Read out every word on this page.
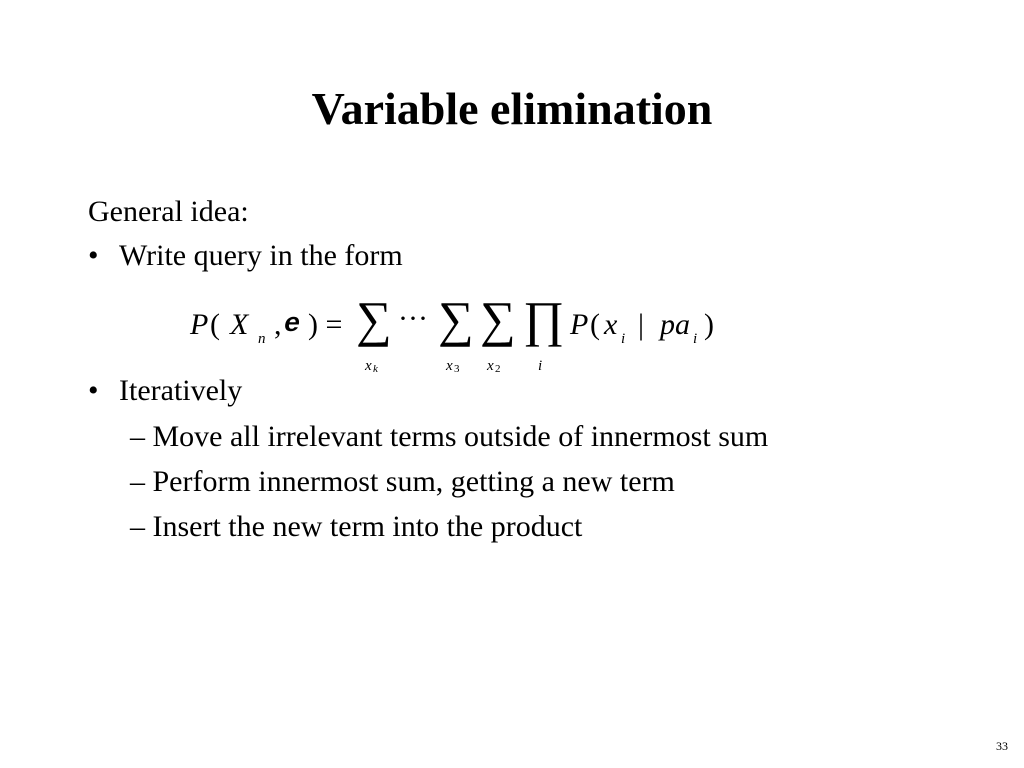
Variable elimination
General idea:
• Write query in the form
P ( X n , e ) = ∑ ··· ∑ ∑ ∏
x k	x 3 x 2	i
P ( x i | pa i )
• Iteratively
– Move all irrelevant terms outside of innermost sum
– Perform innermost sum, getting a new term
– Insert the new term into the product
33
